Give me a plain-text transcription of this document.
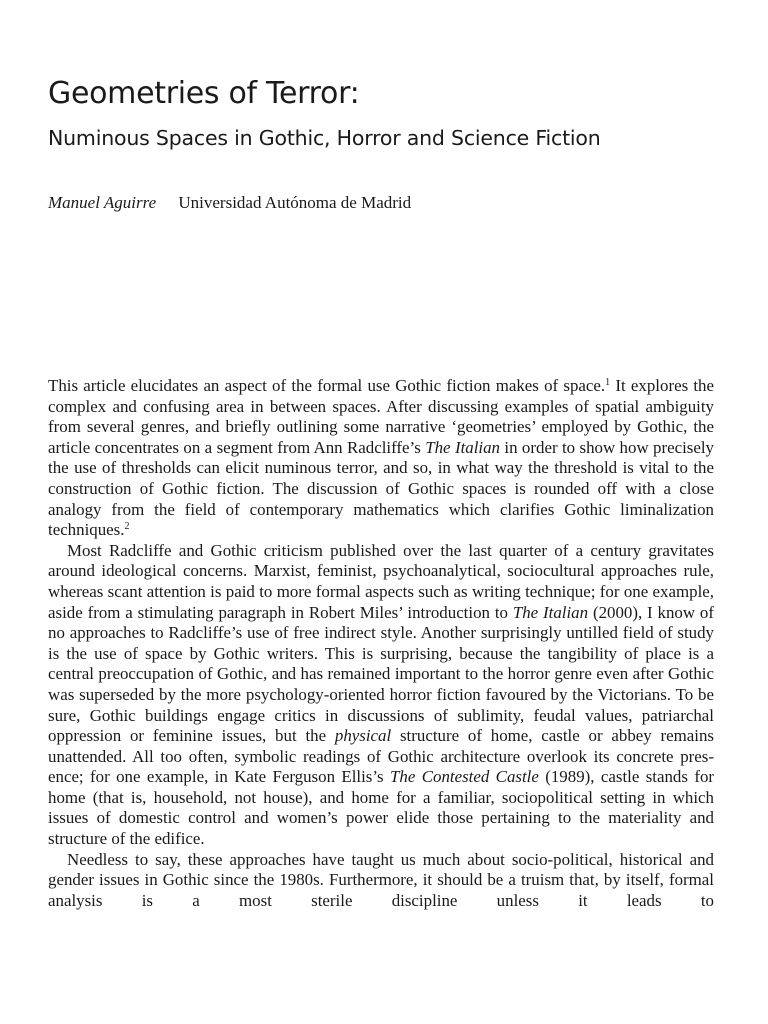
Geometries of Terror:
Numinous Spaces in Gothic, Horror and Science Fiction
Manuel Aguirre Universidad Autónoma de Madrid

This article elucidates an aspect of the formal use Gothic fiction makes of space.$^1$ It explores the complex and confusing area in between spaces. After discussing examples of spatial ambiguity from several genres, and briefly outlining some narrative ‘geometries’ employed by Gothic, the article concentrates on a segment from Ann Radcliffe’s The Italian in order to show how precisely the use of thresholds can elicit numinous terror, and so, in what way the threshold is vital to the construction of Gothic fiction. The discussion of Gothic spaces is rounded off with a close analogy from the field of contemporary mathematics which clarifies Gothic liminalization techniques.$^2$

Most Radcliffe and Gothic criticism published over the last quarter of a century gravitates around ideological concerns. Marxist, feminist, psychoanalytical, sociocultural approaches rule, whereas scant attention is paid to more formal aspects such as writing technique; for one example, aside from a stimulating paragraph in Robert Miles’ introduction to The Italian (2000), I know of no approaches to Radcliffe’s use of free indirect style. Another surprisingly untilled field of study is the use of space by Gothic writers. This is surprising, because the tangibility of place is a central preoccupation of Gothic, and has remained important to the horror genre even after Gothic was superseded by the more psychology-oriented horror fiction favoured by the Victorians. To be sure, Gothic buildings engage critics in discussions of sublimity, feudal values, patriarchal oppression or feminine issues, but the physical structure of home, castle or abbey remains unattended. All too often, symbolic readings of Gothic architecture overlook its concrete presence; for one example, in Kate Ferguson Ellis’s The Contested Castle (1989), castle stands for home (that is, household, not house), and home for a familiar, sociopolitical setting in which issues of domestic control and women’s power elide those pertaining to the materiality and structure of the edifice.

Needless to say, these approaches have taught us much about socio-political, historical and gender issues in Gothic since the 1980s. Furthermore, it should be a truism that, by itself, formal analysis is a most sterile discipline unless it leads to
